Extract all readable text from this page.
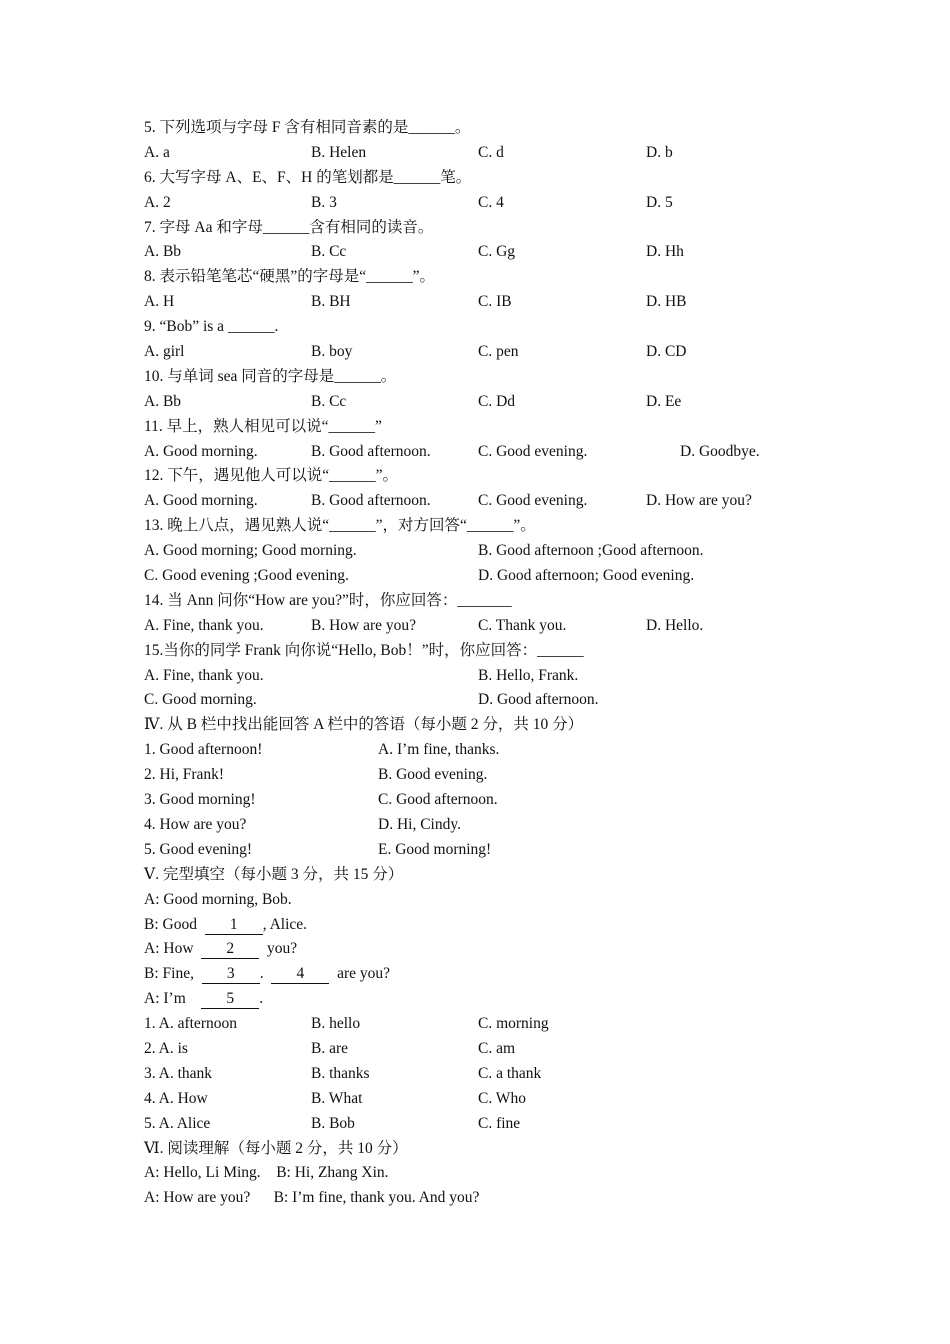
5. 下列选项与字母 F 含有相同音素的是______。
A. a	B. Helen	C. d	D. b
6. 大写字母 A、E、F、H 的笔划都是______笔。
A. 2	B. 3	C. 4	D. 5
7. 字母 Aa 和字母______含有相同的读音。
A. Bb	B. Cc	C. Gg	D. Hh
8. 表示铅笔笔芯“硬黑”的字母是“______”。
A. H	B. BH	C. IB	D. HB
9. “Bob” is a ______.
A. girl	B. boy	C. pen	D. CD
10. 与单词 sea 同音的字母是______。
A. Bb	B. Cc	C. Dd	D. Ee
11. 早上，熟人相见可以说“______”
A. Good morning.	B. Good afternoon.	C. Good evening.	D. Goodbye.
12. 下午，遇见他人可以说“______”。
A. Good morning.	B. Good afternoon.	C. Good evening.	D. How are you?
13. 晚上八点，遇见熟人说“______”，对方回答“______”。
A. Good morning; Good morning.	B. Good afternoon ;Good afternoon.
C. Good evening ;Good evening.	D. Good afternoon; Good evening.
14. 当 Ann 问你“How are you?”时，你应回答：_______
A. Fine, thank you.	B. How are you?	C. Thank you.	D. Hello.
15.当你的同学 Frank 向你说“Hello, Bob！”时，你应回答：______
A. Fine, thank you.	B. Hello, Frank.
C. Good morning.	D. Good afternoon.
Ⅳ. 从 B 栏中找出能回答 A 栏中的答语（每小题 2 分，共 10 分）
1. Good afternoon!	A. I’m fine, thanks.
2. Hi, Frank!	B. Good evening.
3. Good morning!	C. Good afternoon.
4. How are you?	D. Hi, Cindy.
5. Good evening!	E. Good morning!
Ⅴ. 完型填空（每小题 3 分，共 15 分）
A: Good morning, Bob.
B: Good 1 , Alice.
A: How 2 you?
B: Fine, 3 . 4 are you?
A: I’m	5 .
1. A. afternoon	B. hello	C. morning
2. A. is	B. are	C. am
3. A. thank	B. thanks	C. a thank
4. A. How	B. What	C. Who
5. A. Alice	B. Bob	C. fine
Ⅵ. 阅读理解（每小题 2 分，共 10 分）
A: Hello, Li Ming. B: Hi, Zhang Xin.
A: How are you? B: I’m fine, thank you. And you?
